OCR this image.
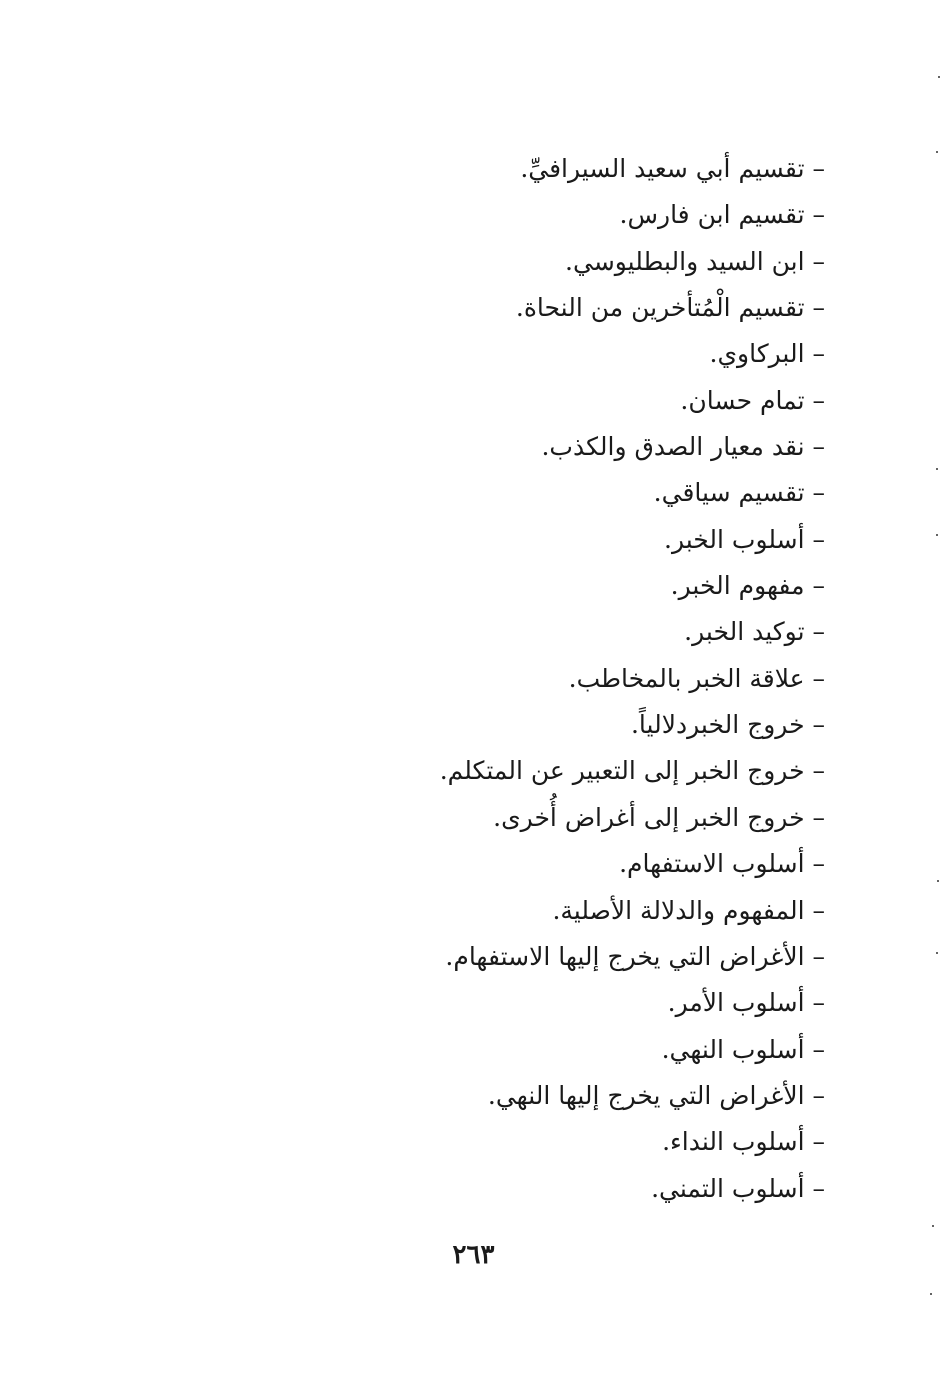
– تقسيم أبي سعيد السيرافيِّ.
– تقسيم ابن فارس.
– ابن السيد والبطليوسي.
– تقسيم الْمُتأخرين من النحاة.
– البركاوي.
– تمام حسان.
– نقد معيار الصدق والكذب.
– تقسيم سياقي.
– أسلوب الخبر.
– مفهوم الخبر.
– توكيد الخبر.
– علاقة الخبر بالمخاطب.
– خروج الخبردلالياً.
– خروج الخبر إلى التعبير عن المتكلم.
– خروج الخبر إلى أغراض أُخرى.
– أسلوب الاستفهام.
– المفهوم والدلالة الأصلية.
– الأغراض التي يخرج إليها الاستفهام.
– أسلوب الأمر.
– أسلوب النهي.
– الأغراض التي يخرج إليها النهي.
– أسلوب النداء.
– أسلوب التمني.
٢٦٣
